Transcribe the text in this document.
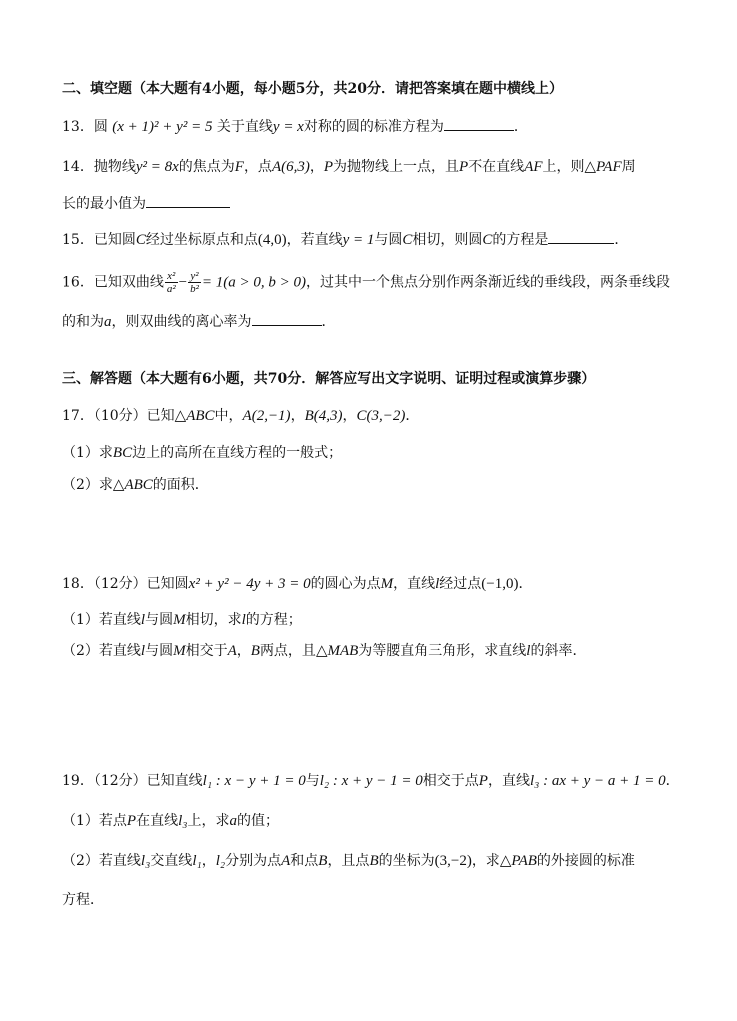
二、填空题（本大题有4小题，每小题5分，共20分．请把答案填在题中横线上）
13．圆 (x + 1)² + y² = 5 关于直线y = x对称的圆的标准方程为	．
14．抛物线y² = 8x的焦点为F，点A(6,3)，P为抛物线上一点，且P不在直线AF上，则△PAF周
长的最小值为
15．已知圆C经过坐标原点和点(4,0)，若直线y = 1与圆C相切，则圆C的方程是	．
16．已知双曲线 $\frac{\text{x²}}{\text{a²}} - \frac{\text{y²}}{\text{b²}} = 1(a > 0$, b > 0)，过其中一个焦点分别作两条渐近线的垂线段，两条垂线段
的和为a，则双曲线的离心率为	．
三、解答题（本大题有6小题，共70分．解答应写出文字说明、证明过程或演算步骤）
17．（10分）已知△ABC中，A(2,−1)，B(4,3)，C(3,−2)．
（1）求BC边上的高所在直线方程的一般式；
（2）求△ABC的面积．
18．（12分）已知圆x² + y² − 4y + 3 = 0的圆心为点M，直线l经过点(−1,0)．
（1）若直线l与圆M相切，求l的方程；
（2）若直线l与圆M相交于A，B两点，且△MAB为等腰直角三角形，求直线l的斜率．
19．（12分）已知直线l₁ : x − y + 1 = 0与l₂ : x + y − 1 = 0相交于点P，直线l₃ : ax + y − a + 1 = 0．
（1）若点P在直线l₃上，求a的值；
（2）若直线l₃交直线l₁，l₂分别为点A和点B，且点B的坐标为(3,−2)，求△PAB的外接圆的标准
方程．
